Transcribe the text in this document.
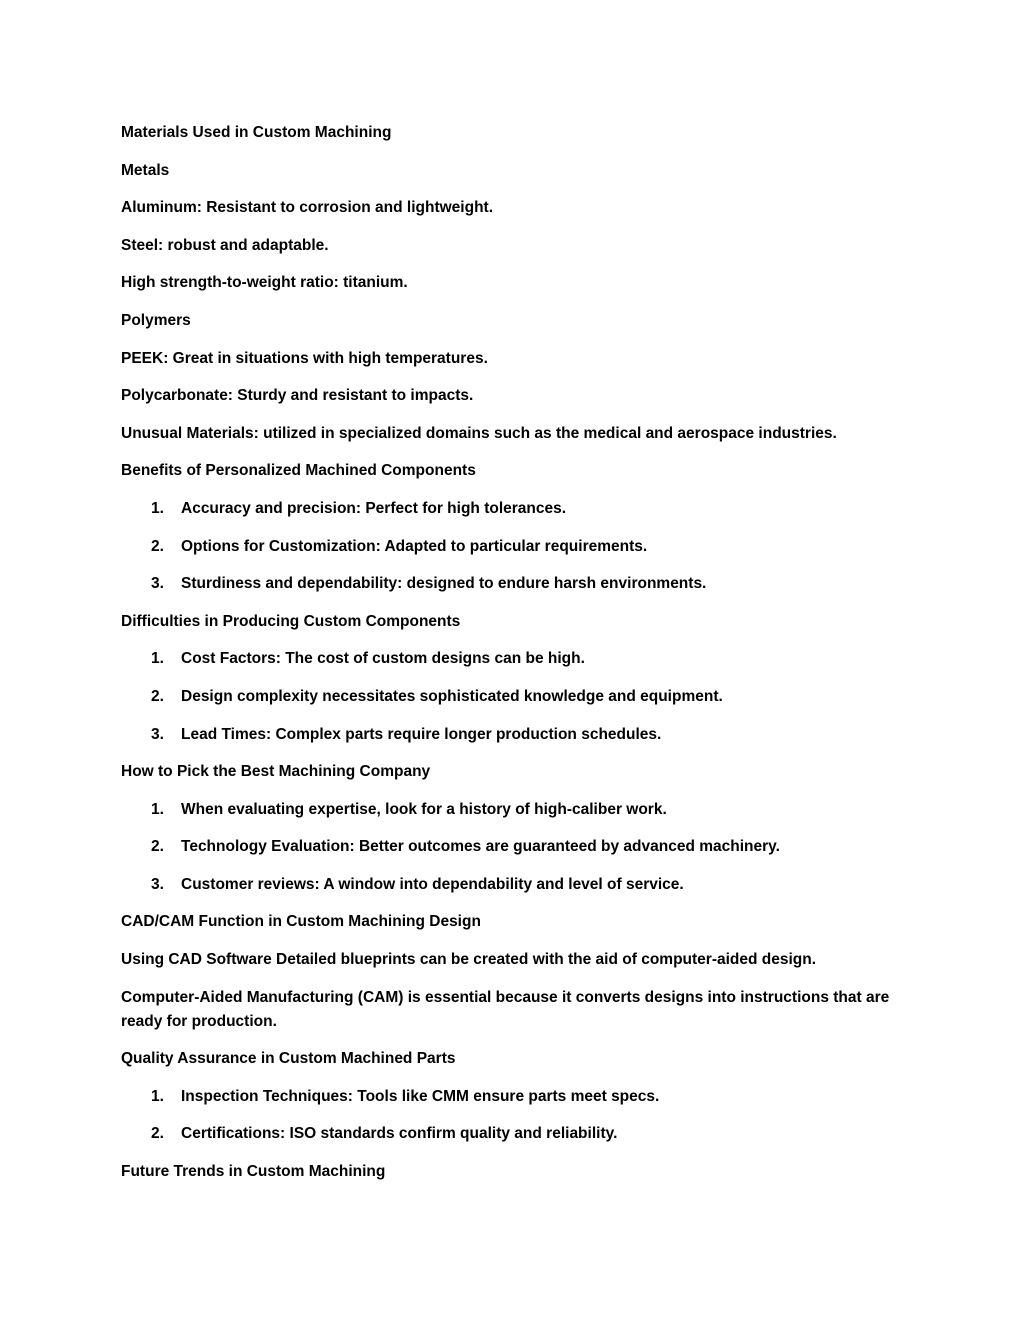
Materials Used in Custom Machining
Metals
Aluminum: Resistant to corrosion and lightweight.
Steel: robust and adaptable.
High strength-to-weight ratio: titanium.
Polymers
PEEK: Great in situations with high temperatures.
Polycarbonate: Sturdy and resistant to impacts.
Unusual Materials: utilized in specialized domains such as the medical and aerospace industries.
Benefits of Personalized Machined Components
1. Accuracy and precision: Perfect for high tolerances.
2. Options for Customization: Adapted to particular requirements.
3. Sturdiness and dependability: designed to endure harsh environments.
Difficulties in Producing Custom Components
1. Cost Factors: The cost of custom designs can be high.
2. Design complexity necessitates sophisticated knowledge and equipment.
3. Lead Times: Complex parts require longer production schedules.
How to Pick the Best Machining Company
1. When evaluating expertise, look for a history of high-caliber work.
2. Technology Evaluation: Better outcomes are guaranteed by advanced machinery.
3. Customer reviews: A window into dependability and level of service.
CAD/CAM Function in Custom Machining Design
Using CAD Software Detailed blueprints can be created with the aid of computer-aided design.
Computer-Aided Manufacturing (CAM) is essential because it converts designs into instructions that are ready for production.
Quality Assurance in Custom Machined Parts
1. Inspection Techniques: Tools like CMM ensure parts meet specs.
2. Certifications: ISO standards confirm quality and reliability.
Future Trends in Custom Machining
